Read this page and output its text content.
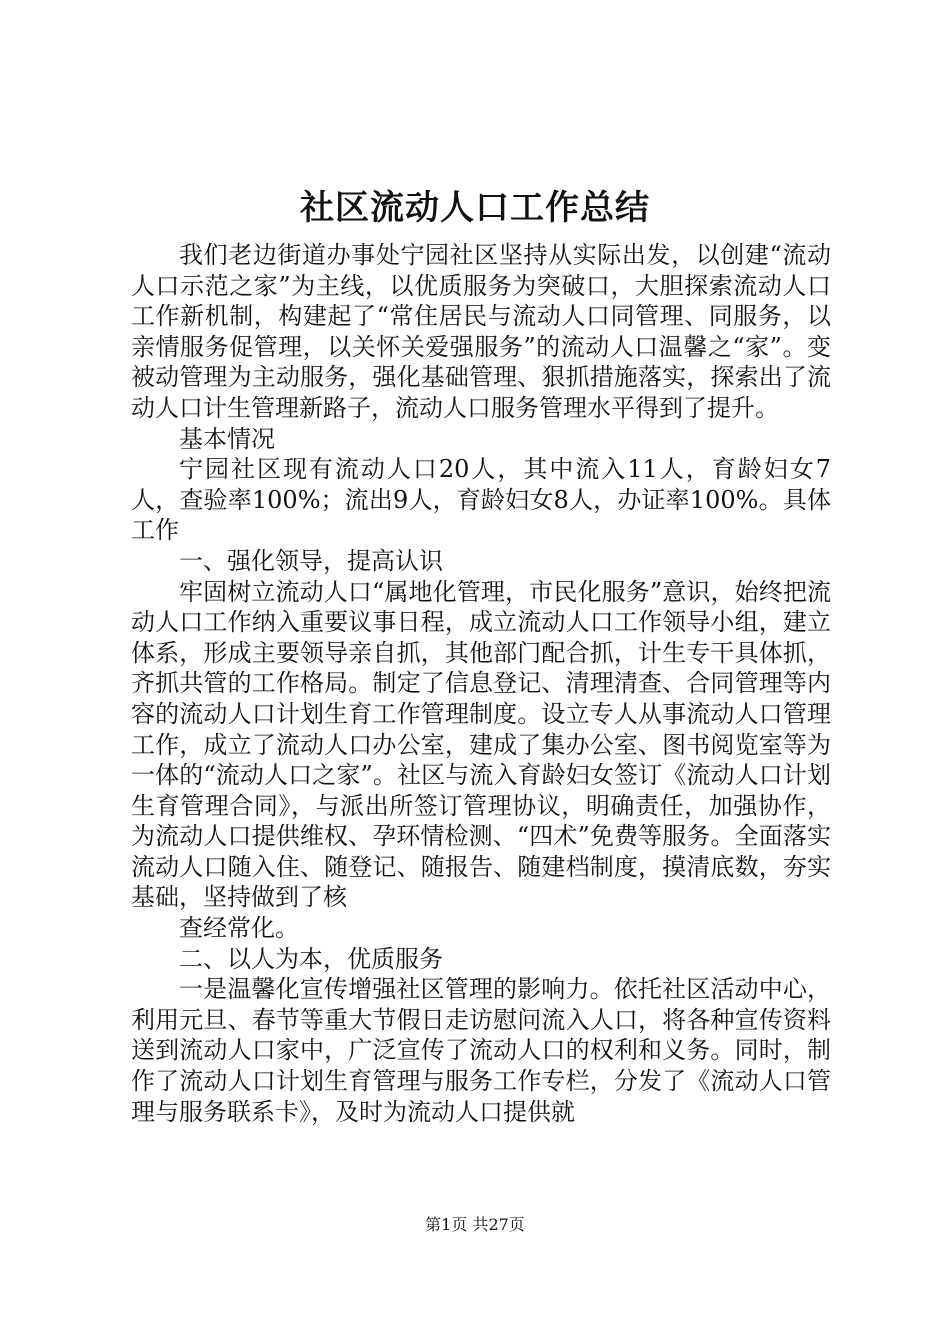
社区流动人口工作总结

我们老边街道办事处宁园社区坚持从实际出发，以创建“流动人口示范之家”为主线，以优质服务为突破口，大胆探索流动人口工作新机制，构建起了“常住居民与流动人口同管理、同服务，以亲情服务促管理，以关怀关爱强服务”的流动人口温馨之“家”。变被动管理为主动服务，强化基础管理、狠抓措施落实，探索出了流动人口计生管理新路子，流动人口服务管理水平得到了提升。

基本情况

宁园社区现有流动人口20人，其中流入11人，育龄妇女7人，查验率100%；流出9人，育龄妇女8人，办证率100%。具体工作

一、强化领导，提高认识

牢固树立流动人口“属地化管理，市民化服务”意识，始终把流动人口工作纳入重要议事日程，成立流动人口工作领导小组，建立体系，形成主要领导亲自抓，其他部门配合抓，计生专干具体抓，齐抓共管的工作格局。制定了信息登记、清理清查、合同管理等内容的流动人口计划生育工作管理制度。设立专人从事流动人口管理工作，成立了流动人口办公室，建成了集办公室、图书阅览室等为一体的“流动人口之家”。社区与流入育龄妇女签订《流动人口计划生育管理合同》，与派出所签订管理协议，明确责任，加强协作，为流动人口提供维权、孕环情检测、“四术”免费等服务。全面落实流动人口随入住、随登记、随报告、随建档制度，摸清底数，夯实基础，坚持做到了核

查经常化。

二、以人为本，优质服务

一是温馨化宣传增强社区管理的影响力。依托社区活动中心，利用元旦、春节等重大节假日走访慰问流入人口，将各种宣传资料送到流动人口家中，广泛宣传了流动人口的权利和义务。同时，制作了流动人口计划生育管理与服务工作专栏，分发了《流动人口管理与服务联系卡》，及时为流动人口提供就

第1页 共27页
